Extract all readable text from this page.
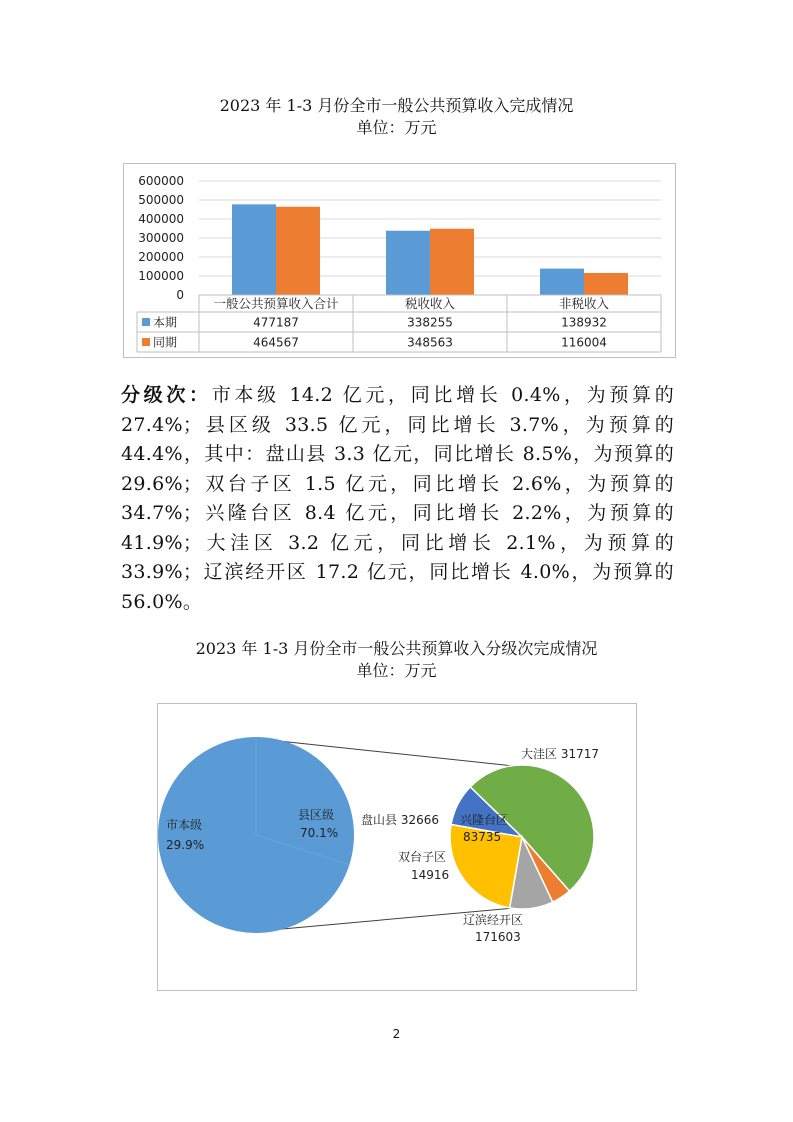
2023 年 1-3 月份全市一般公共预算收入完成情况
单位：万元
600000
500000
400000
300000
200000
100000
0
一般公共预算收入合计
477187
464567
税收收入
338255
348563
非税收入
138932
116004
本期
同期
分级次：市本级 14.2 亿元，同比增长 0.4%，为预算的 27.4%；县区级 33.5 亿元，同比增长 3.7%，为预算的 44.4%，其中：盘山县 3.3 亿元，同比增长 8.5%，为预算的 29.6%；双台子区 1.5 亿元，同比增长 2.6%，为预算的 34.7%；兴隆台区 8.4 亿元，同比增长 2.2%，为预算的 41.9%；大洼区 3.2 亿元，同比增长 2.1%，为预算的 33.9%；辽滨经开区 17.2 亿元，同比增长 4.0%，为预算的 56.0%。
2023 年 1-3 月份全市一般公共预算收入分级次完成情况
单位：万元
市本级
29.9%
县区级
70.1%
大洼区 31717
兴隆台区
83735
盘山县 32666
双台子区
14916
辽滨经开区
171603
2
